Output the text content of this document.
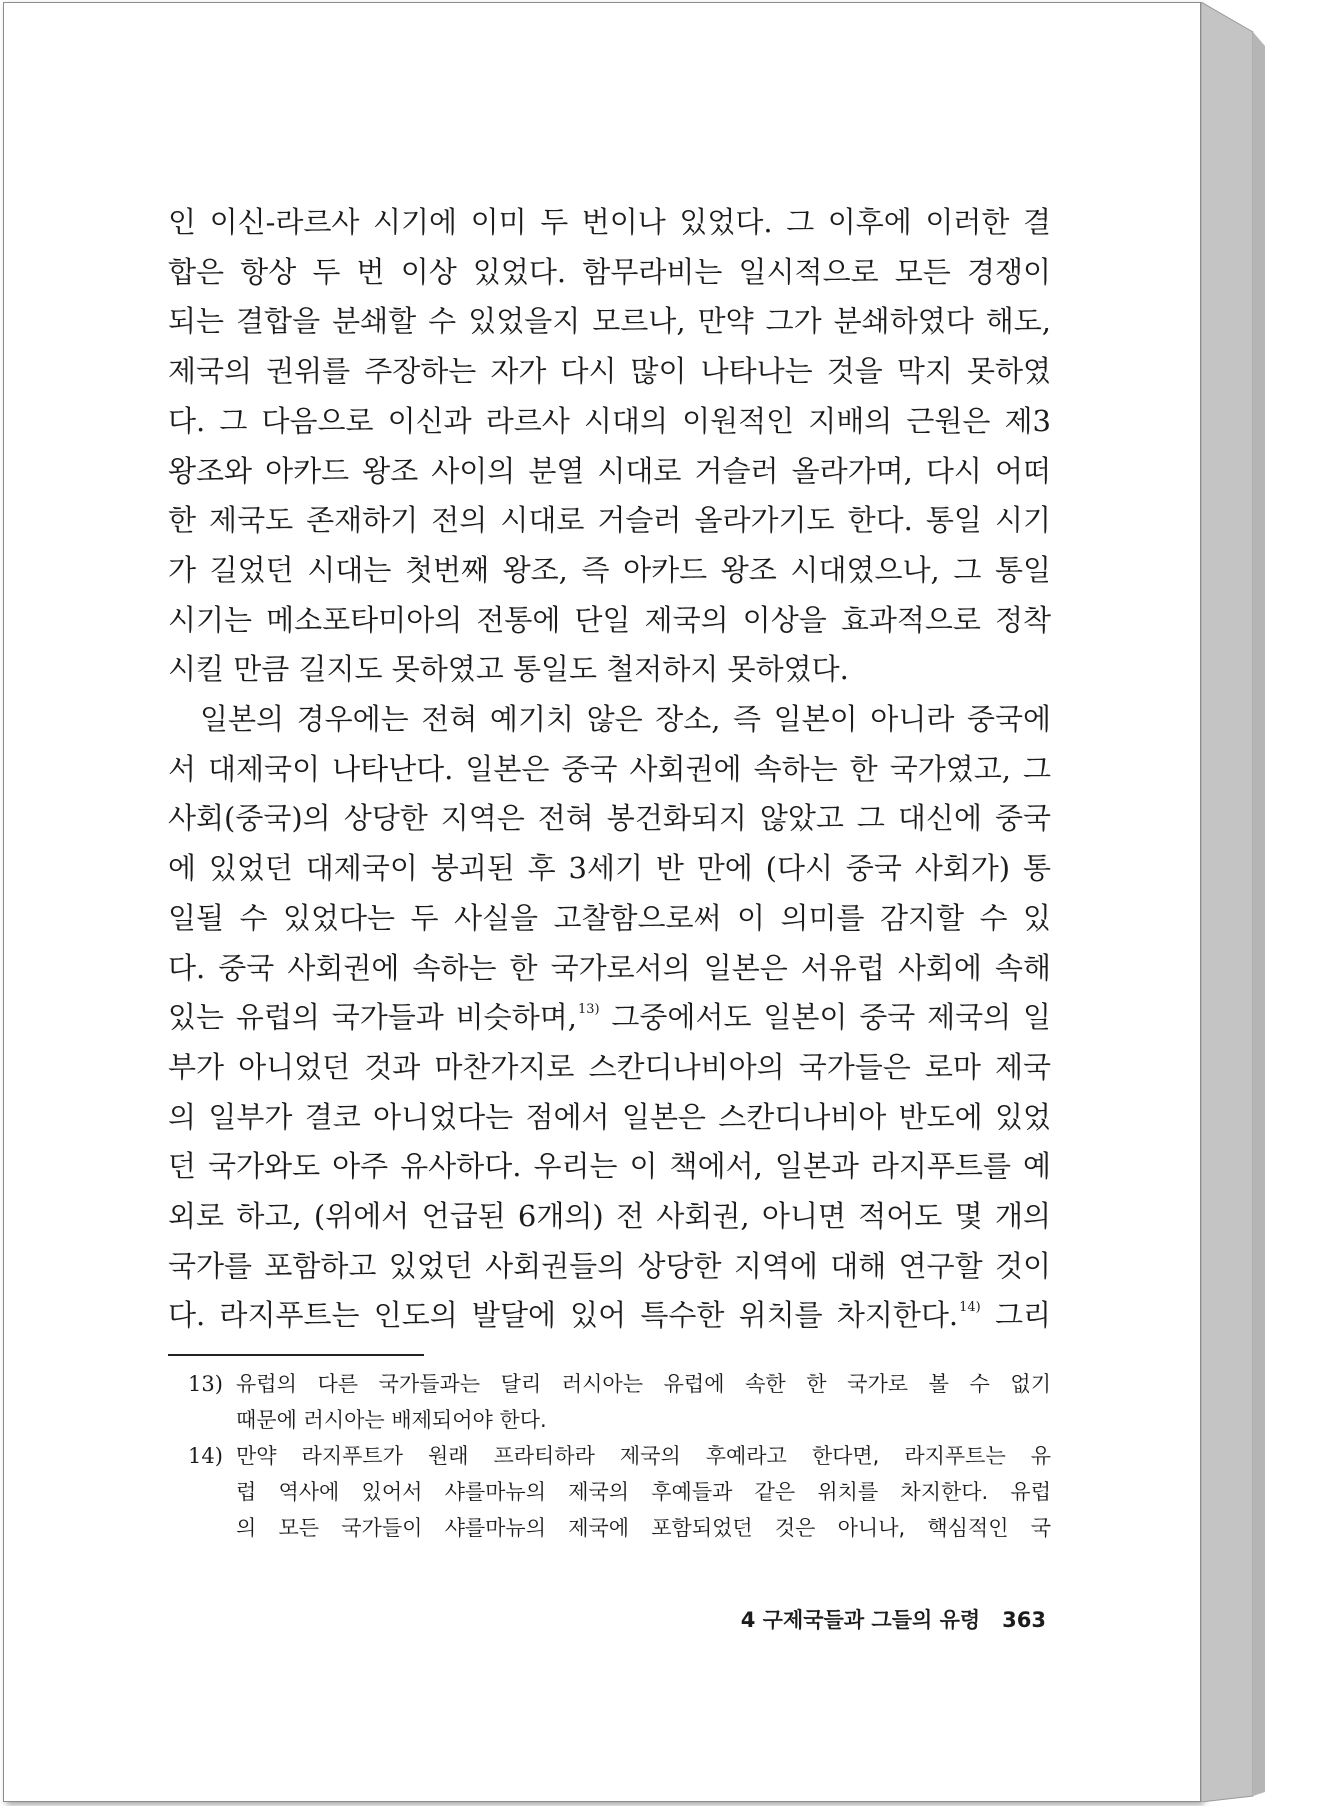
인 이신-라르사 시기에 이미 두 번이나 있었다. 그 이후에 이러한 결
합은 항상 두 번 이상 있었다. 함무라비는 일시적으로 모든 경쟁이
되는 결합을 분쇄할 수 있었을지 모르나, 만약 그가 분쇄하였다 해도,
제국의 권위를 주장하는 자가 다시 많이 나타나는 것을 막지 못하였
다. 그 다음으로 이신과 라르사 시대의 이원적인 지배의 근원은 제3
왕조와 아카드 왕조 사이의 분열 시대로 거슬러 올라가며, 다시 어떠
한 제국도 존재하기 전의 시대로 거슬러 올라가기도 한다. 통일 시기
가 길었던 시대는 첫번째 왕조, 즉 아카드 왕조 시대였으나, 그 통일
시기는 메소포타미아의 전통에 단일 제국의 이상을 효과적으로 정착
시킬 만큼 길지도 못하였고 통일도 철저하지 못하였다.

일본의 경우에는 전혀 예기치 않은 장소, 즉 일본이 아니라 중국에
서 대제국이 나타난다. 일본은 중국 사회권에 속하는 한 국가였고, 그
사회(중국)의 상당한 지역은 전혀 봉건화되지 않았고 그 대신에 중국
에 있었던 대제국이 붕괴된 후 3세기 반 만에 (다시 중국 사회가) 통
일될 수 있었다는 두 사실을 고찰함으로써 이 의미를 감지할 수 있
다. 중국 사회권에 속하는 한 국가로서의 일본은 서유럽 사회에 속해
있는 유럽의 국가들과 비슷하며,$^{13)}$ 그중에서도 일본이 중국 제국의 일
부가 아니었던 것과 마찬가지로 스칸디나비아의 국가들은 로마 제국
의 일부가 결코 아니었다는 점에서 일본은 스칸디나비아 반도에 있었
던 국가와도 아주 유사하다. 우리는 이 책에서, 일본과 라지푸트를 예
외로 하고, (위에서 언급된 6개의) 전 사회권, 아니면 적어도 몇 개의
국가를 포함하고 있었던 사회권들의 상당한 지역에 대해 연구할 것이
다. 라지푸트는 인도의 발달에 있어 특수한 위치를 차지한다.$^{14)}$ 그리

13) 유럽의 다른 국가들과는 달리 러시아는 유럽에 속한 한 국가로 볼 수 없기
때문에 러시아는 배제되어야 한다.
14) 만약 라지푸트가 원래 프라티하라 제국의 후예라고 한다면, 라지푸트는 유
럽 역사에 있어서 샤를마뉴의 제국의 후예들과 같은 위치를 차지한다. 유럽
의 모든 국가들이 샤를마뉴의 제국에 포함되었던 것은 아니나, 핵심적인 국
4 구제국들과 그들의 유령 363
